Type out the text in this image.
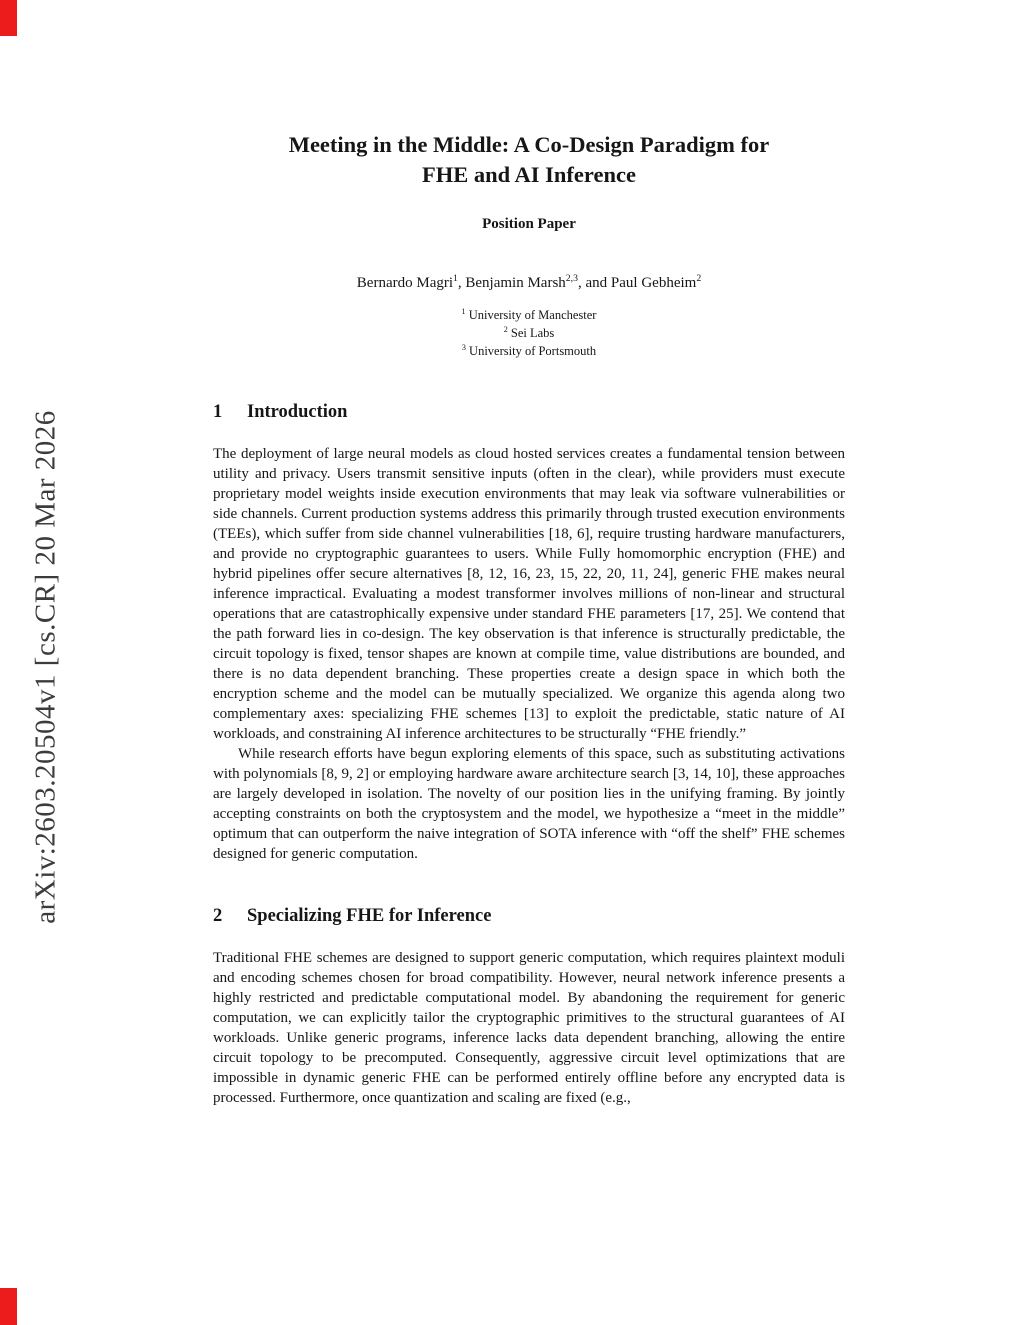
arXiv:2603.20504v1 [cs.CR] 20 Mar 2026
Meeting in the Middle: A Co-Design Paradigm for
FHE and AI Inference
Position Paper
Bernardo Magri$^1$, Benjamin Marsh$^{2,3}$, and Paul Gebheim$^2$
$^1$ University of Manchester
$^2$ Sei Labs
$^3$ University of Portsmouth
1	Introduction

The deployment of large neural models as cloud hosted services creates a fundamental tension between utility and privacy. Users transmit sensitive inputs (often in the clear), while providers must execute proprietary model weights inside execution environments that may leak via software vulnerabilities or side channels. Current production systems address this primarily through trusted execution environments (TEEs), which suffer from side channel vulnerabilities [18, 6], require trusting hardware manufacturers, and provide no cryptographic guarantees to users. While Fully homomorphic encryption (FHE) and hybrid pipelines offer secure alternatives [8, 12, 16, 23, 15, 22, 20, 11, 24], generic FHE makes neural inference impractical. Evaluating a modest transformer involves millions of non-linear and structural operations that are catastrophically expensive under standard FHE parameters [17, 25]. We contend that the path forward lies in co-design. The key observation is that inference is structurally predictable, the circuit topology is fixed, tensor shapes are known at compile time, value distributions are bounded, and there is no data dependent branching. These properties create a design space in which both the encryption scheme and the model can be mutually specialized. We organize this agenda along two complementary axes: specializing FHE schemes [13] to exploit the predictable, static nature of AI workloads, and constraining AI inference architectures to be structurally “FHE friendly.”

While research efforts have begun exploring elements of this space, such as substituting activations with polynomials [8, 9, 2] or employing hardware aware architecture search [3, 14, 10], these approaches are largely developed in isolation. The novelty of our position lies in the unifying framing. By jointly accepting constraints on both the cryptosystem and the model, we hypothesize a “meet in the middle” optimum that can outperform the naive integration of SOTA inference with “off the shelf” FHE schemes designed for generic computation.

2	Specializing FHE for Inference

Traditional FHE schemes are designed to support generic computation, which requires plaintext moduli and encoding schemes chosen for broad compatibility. However, neural network inference presents a highly restricted and predictable computational model. By abandoning the requirement for generic computation, we can explicitly tailor the cryptographic primitives to the structural guarantees of AI workloads. Unlike generic programs, inference lacks data dependent branching, allowing the entire circuit topology to be precomputed. Consequently, aggressive circuit level optimizations that are impossible in dynamic generic FHE can be performed entirely offline before any encrypted data is processed. Furthermore, once quantization and scaling are fixed (e.g.,
